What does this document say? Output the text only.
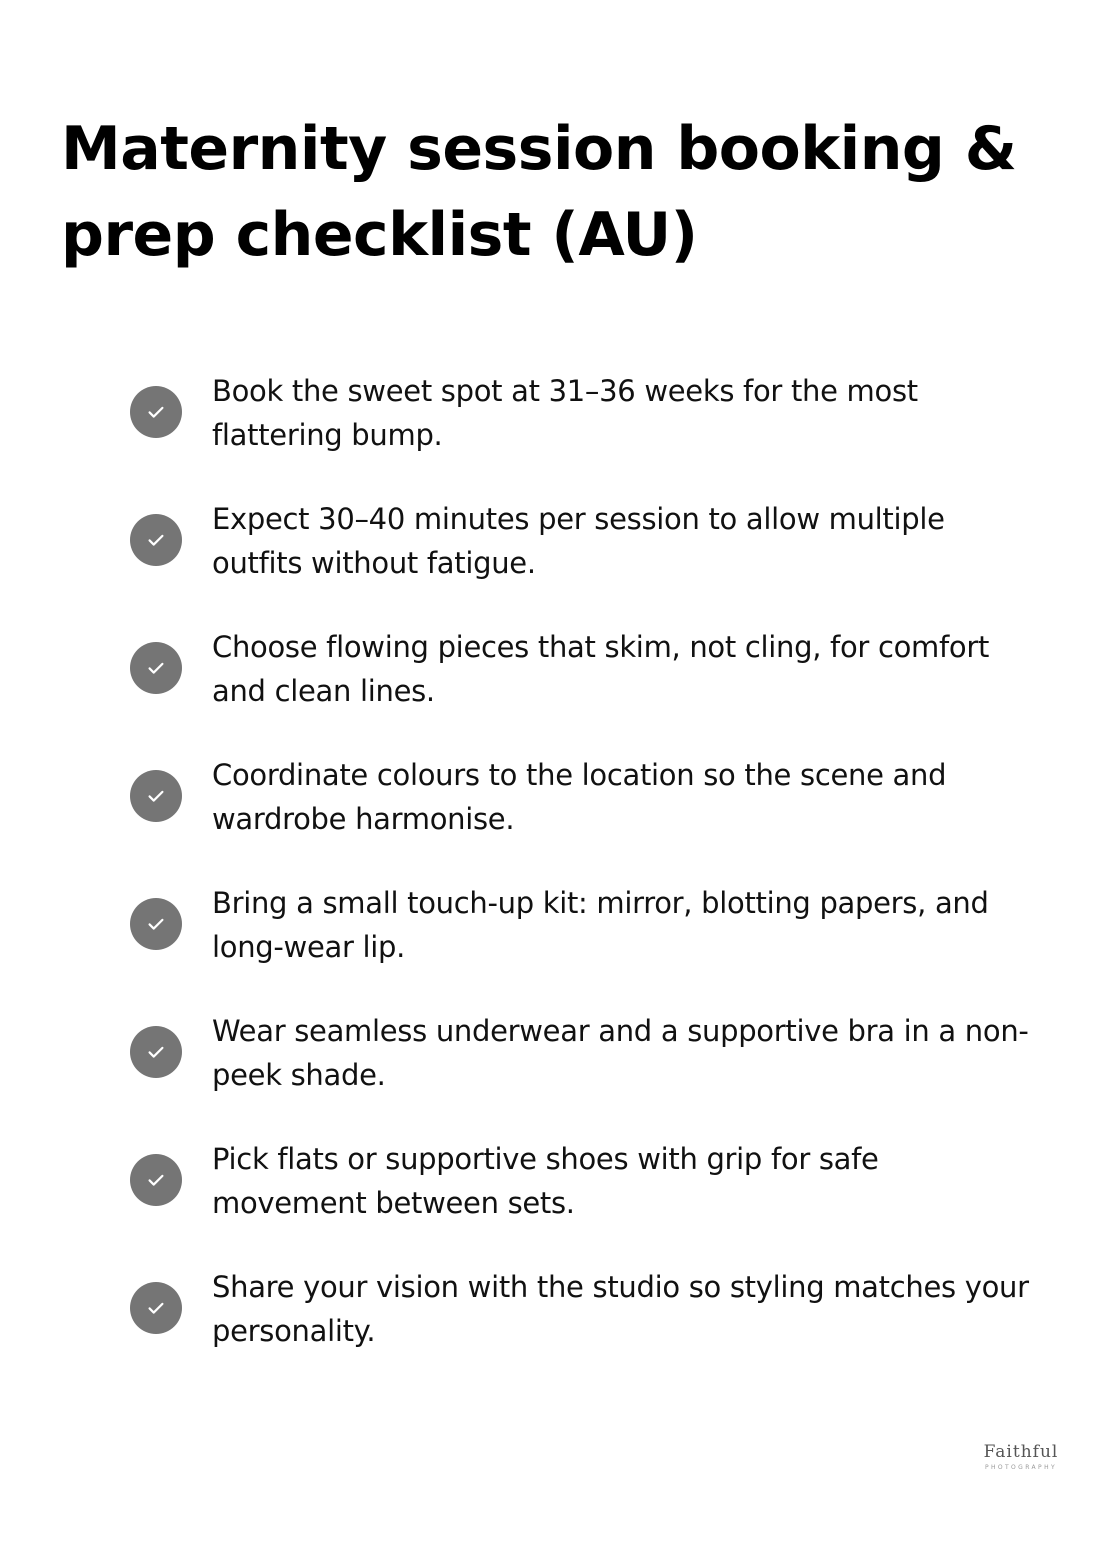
Maternity session booking & prep checklist (AU)
Book the sweet spot at 31–36 weeks for the most flattering bump.
Expect 30–40 minutes per session to allow multiple outfits without fatigue.
Choose flowing pieces that skim, not cling, for comfort and clean lines.
Coordinate colours to the location so the scene and wardrobe harmonise.
Bring a small touch-up kit: mirror, blotting papers, and long-wear lip.
Wear seamless underwear and a supportive bra in a non-peek shade.
Pick flats or supportive shoes with grip for safe movement between sets.
Share your vision with the studio so styling matches your personality.
Faithful
PHOTOGRAPHY
